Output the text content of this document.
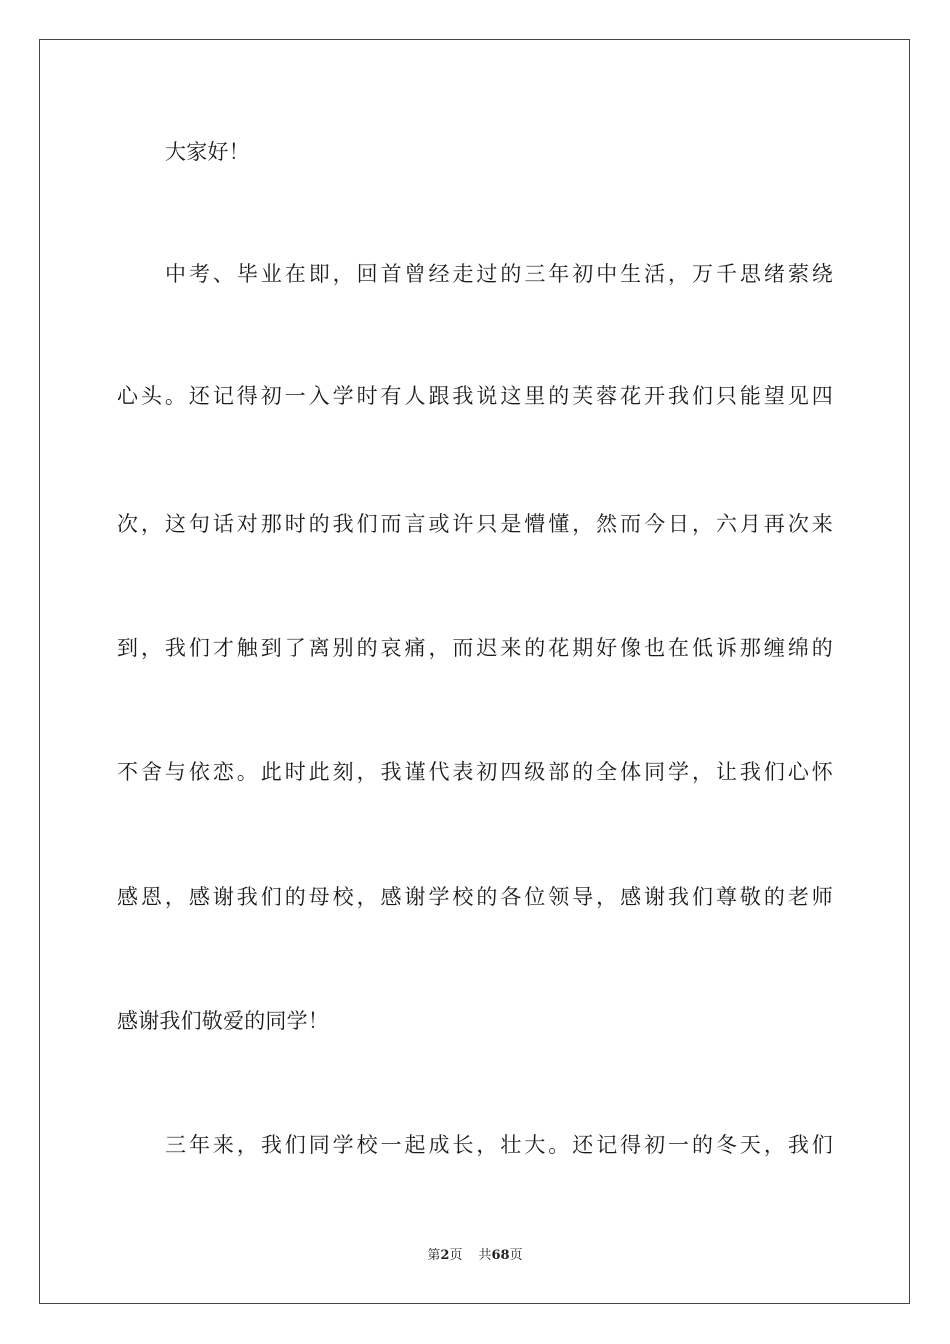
大家好！
中考、毕业在即，回首曾经走过的三年初中生活，万千思绪萦绕
心头。还记得初一入学时有人跟我说这里的芙蓉花开我们只能望见四
次，这句话对那时的我们而言或许只是懵懂，然而今日，六月再次来
到，我们才触到了离别的哀痛，而迟来的花期好像也在低诉那缠绵的
不舍与依恋。此时此刻，我谨代表初四级部的全体同学，让我们心怀
感恩，感谢我们的母校，感谢学校的各位领导，感谢我们尊敬的老师
感谢我们敬爱的同学！
三年来，我们同学校一起成长，壮大。还记得初一的冬天，我们
第2页 共68页
